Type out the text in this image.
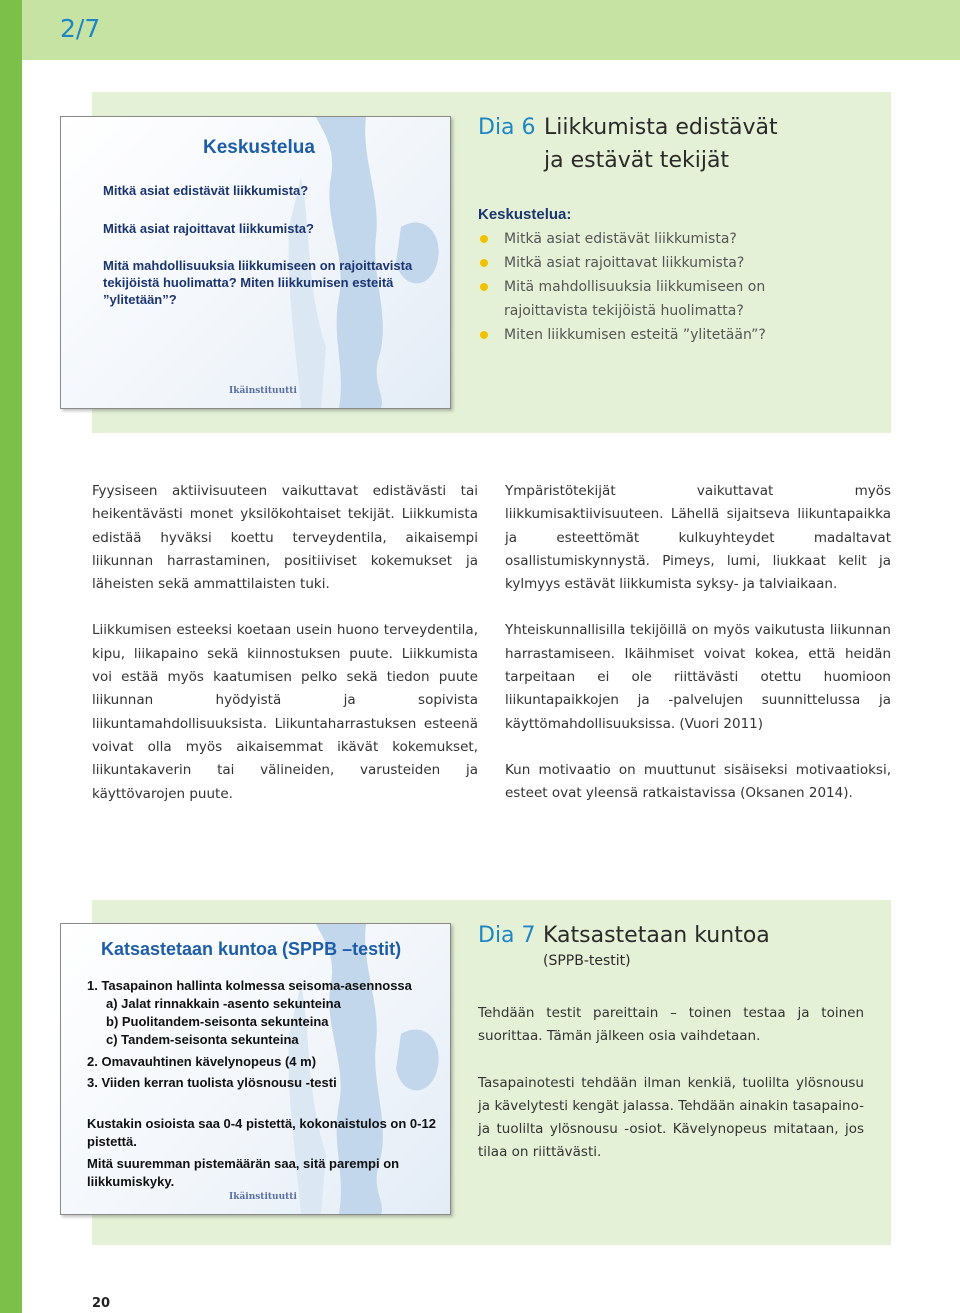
2/7
Keskustelua
Mitkä asiat edistävät liikkumista?
Mitkä asiat rajoittavat liikkumista?
Mitä mahdollisuuksia liikkumiseen on rajoittavista
tekijöistä huolimatta? Miten liikkumisen esteitä
”ylitetään”?
Ikäinstituutti
Dia 6 Liikkumista edistävät
ja estävät tekijät
Keskustelua:
Mitkä asiat edistävät liikkumista?
Mitkä asiat rajoittavat liikkumista?
Mitä mahdollisuuksia liikkumiseen on
rajoittavista tekijöistä huolimatta?
Miten liikkumisen esteitä ”ylitetään”?

Fyysiseen aktiivisuuteen vaikuttavat edistävästi tai heikentävästi monet yksilökohtaiset tekijät. Liikkumista edistää hyväksi koettu terveydentila, aikaisempi liikunnan harrastaminen, positiiviset kokemukset ja läheisten sekä ammattilaisten tuki.

Liikkumisen esteeksi koetaan usein huono terveydentila, kipu, liikapaino sekä kiinnostuksen puute. Liikkumista voi estää myös kaatumisen pelko sekä tiedon puute liikunnan hyödyistä ja sopivista liikuntamahdollisuuksista. Liikuntaharrastuksen esteenä voivat olla myös aikaisemmat ikävät kokemukset, liikuntakaverin tai välineiden, varusteiden ja käyttövarojen puute.

Ympäristötekijät vaikuttavat myös liikkumisaktiivisuuteen. Lähellä sijaitseva liikuntapaikka ja esteettömät kulkuyhteydet madaltavat osallistumiskynnystä. Pimeys, lumi, liukkaat kelit ja kylmyys estävät liikkumista syksy- ja talviaikaan.

Yhteiskunnallisilla tekijöillä on myös vaikutusta liikunnan harrastamiseen. Ikäihmiset voivat kokea, että heidän tarpeitaan ei ole riittävästi otettu huomioon liikuntapaikkojen ja -palvelujen suunnittelussa ja käyttömahdollisuuksissa. (Vuori 2011)

Kun motivaatio on muuttunut sisäiseksi motivaatioksi, esteet ovat yleensä ratkaistavissa (Oksanen 2014).

Katsastetaan kuntoa (SPPB –testit)
1. Tasapainon hallinta kolmessa seisoma-asennossa
a) Jalat rinnakkain -asento sekunteina
b) Puolitandem-seisonta sekunteina
c) Tandem-seisonta sekunteina
2. Omavauhtinen kävelynopeus (4 m)
3. Viiden kerran tuolista ylösnousu -testi
Kustakin osioista saa 0-4 pistettä, kokonaistulos on 0-12
pistettä.
Mitä suuremman pistemäärän saa, sitä parempi on
liikkumiskyky.
Ikäinstituutti
Dia 7 Katsastetaan kuntoa
(SPPB-testit)

Tehdään testit pareittain – toinen testaa ja toinen suorittaa. Tämän jälkeen osia vaihdetaan.

Tasapainotesti tehdään ilman kenkiä, tuolilta ylösnousu ja kävelytesti kengät jalassa. Tehdään ainakin tasapaino- ja tuolilta ylösnousu -osiot. Kävelynopeus mitataan, jos tilaa on riittävästi.

20
